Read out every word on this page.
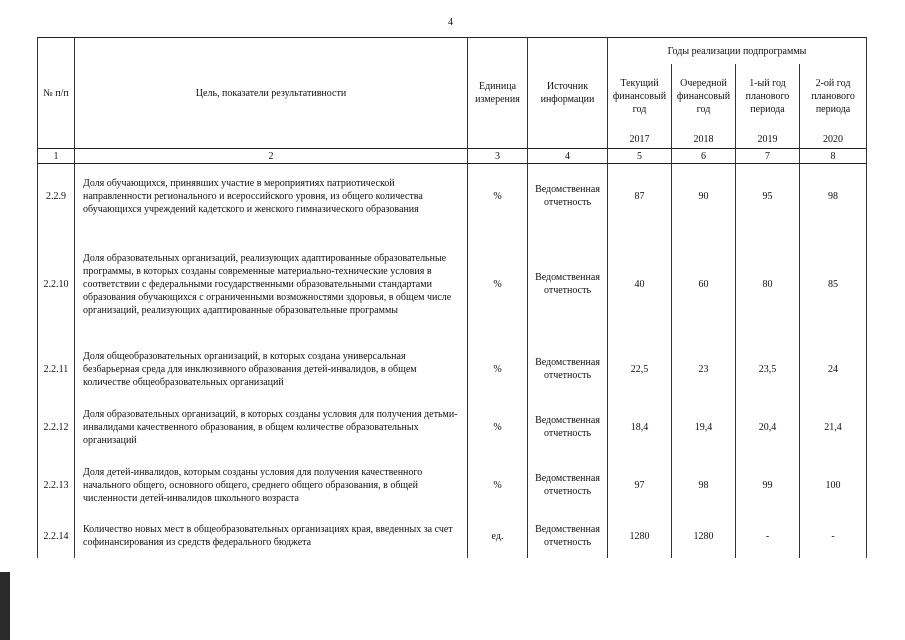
4
№ п/п	Цель, показатели результативности	Единица измерения	Источник информации	Годы реализации подпрограммы			
				Текущий финансовый год	Очередной финансовый год	1-ый год планового периода	2-ой год планового периода
				2017	2018	2019	2020
1	2	3	4	5	6	7	8
2.2.9	Доля обучающихся, принявших участие в мероприятиях патриотической направленности регионального и всероссийского уровня, из общего количества обучающихся учреждений кадетского и женского гимназического образования	%	Ведомственная отчетность	87	90	95	98
2.2.10	Доля образовательных организаций, реализующих адаптированные образовательные программы, в которых созданы современные материально-технические условия в соответствии с федеральными государственными образовательными стандартами образования обучающихся с ограниченными возможностями здоровья, в общем числе организаций, реализующих адаптированные образовательные программы	%	Ведомственная отчетность	40	60	80	85
2.2.11	Доля общеобразовательных организаций, в которых создана универсальная безбарьерная среда для инклюзивного образования детей-инвалидов, в общем количестве общеобразовательных организаций	%	Ведомственная отчетность	22,5	23	23,5	24
2.2.12	Доля образовательных организаций, в которых созданы условия для получения детьми-инвалидами качественного образования, в общем количестве образовательных организаций	%	Ведомственная отчетность	18,4	19,4	20,4	21,4
2.2.13	Доля детей-инвалидов, которым созданы условия для получения качественного начального общего, основного общего, среднего общего образования, в общей численности детей-инвалидов школьного возраста	%	Ведомственная отчетность	97	98	99	100
2.2.14	Количество новых мест в общеобразовательных организациях края, введенных за счет софинансирования из средств федерального бюджета	ед.	Ведомственная отчетность	1280	1280	-	-
